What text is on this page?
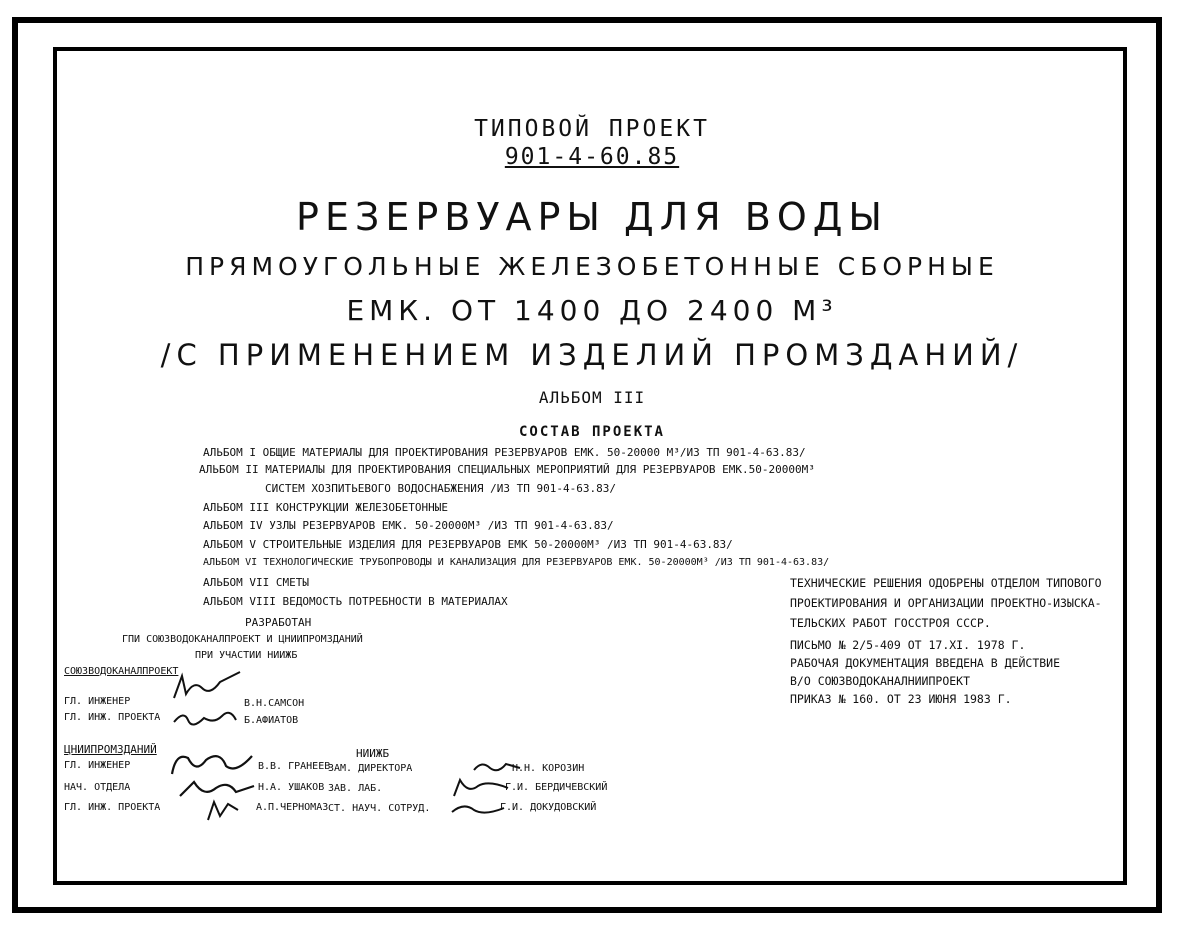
ТИПОВОЙ ПРОЕКТ
901-4-60.85
РЕЗЕРВУАРЫ ДЛЯ ВОДЫ
ПРЯМОУГОЛЬНЫЕ ЖЕЛЕЗОБЕТОННЫЕ СБОРНЫЕ
ЕМК. ОТ 1400 ДО 2400 М³
/С ПРИМЕНЕНИЕМ ИЗДЕЛИЙ ПРОМЗДАНИЙ/
АЛЬБОМ III
СОСТАВ ПРОЕКТА
АЛЬБОМ I ОБЩИЕ МАТЕРИАЛЫ ДЛЯ ПРОЕКТИРОВАНИЯ РЕЗЕРВУАРОВ ЕМК. 50-20000 М³/ИЗ ТП 901-4-63.83/
АЛЬБОМ II МАТЕРИАЛЫ ДЛЯ ПРОЕКТИРОВАНИЯ СПЕЦИАЛЬНЫХ МЕРОПРИЯТИЙ ДЛЯ РЕЗЕРВУАРОВ ЕМК.50-20000М³
СИСТЕМ ХОЗПИТЬЕВОГО ВОДОСНАБЖЕНИЯ /ИЗ ТП 901-4-63.83/
АЛЬБОМ III КОНСТРУКЦИИ ЖЕЛЕЗОБЕТОННЫЕ
АЛЬБОМ IV УЗЛЫ РЕЗЕРВУАРОВ ЕМК. 50-20000М³ /ИЗ ТП 901-4-63.83/
АЛЬБОМ V СТРОИТЕЛЬНЫЕ ИЗДЕЛИЯ ДЛЯ РЕЗЕРВУАРОВ ЕМК 50-20000М³ /ИЗ ТП 901-4-63.83/
АЛЬБОМ VI ТЕХНОЛОГИЧЕСКИЕ ТРУБОПРОВОДЫ И КАНАЛИЗАЦИЯ ДЛЯ РЕЗЕРВУАРОВ ЕМК. 50-20000М³ /ИЗ ТП 901-4-63.83/
АЛЬБОМ VII СМЕТЫ
АЛЬБОМ VIII ВЕДОМОСТЬ ПОТРЕБНОСТИ В МАТЕРИАЛАХ
РАЗРАБОТАН
ГПИ СОЮЗВОДОКАНАЛПРОЕКТ И ЦНИИПРОМЗДАНИЙ
ПРИ УЧАСТИИ НИИЖБ
ТЕХНИЧЕСКИЕ РЕШЕНИЯ ОДОБРЕНЫ ОТДЕЛОМ ТИПОВОГО
ПРОЕКТИРОВАНИЯ И ОРГАНИЗАЦИИ ПРОЕКТНО-ИЗЫСКА-
ТЕЛЬСКИХ РАБОТ ГОССТРОЯ СССР.
ПИСЬМО № 2/5-409 ОТ 17.XI. 1978 Г.
РАБОЧАЯ ДОКУМЕНТАЦИЯ ВВЕДЕНА В ДЕЙСТВИЕ
В/О СОЮЗВОДОКАНАЛНИИПРОЕКТ
ПРИКАЗ № 160. ОТ 23 ИЮНЯ 1983 Г.
СОЮЗВОДОКАНАЛПРОЕКТ
ГЛ. ИНЖЕНЕР	В.Н.САМСОН
ГЛ. ИНЖ. ПРОЕКТА	Б.АФИАТОВ
ЦНИИПРОМЗДАНИЙ
ГЛ. ИНЖЕНЕР	В.В. ГРАНЕЕВ
НАЧ. ОТДЕЛА	Н.А. УШАКОВ
ГЛ. ИНЖ. ПРОЕКТА	А.П.ЧЕРНОМАЗ
НИИЖБ
ЗАМ. ДИРЕКТОРА	Н.Н. КОРОЗИН
ЗАВ. ЛАБ.	Г.И. БЕРДИЧЕВСКИЙ
СТ. НАУЧ. СОТРУД.	Г.И. ДОКУДОВСКИЙ
